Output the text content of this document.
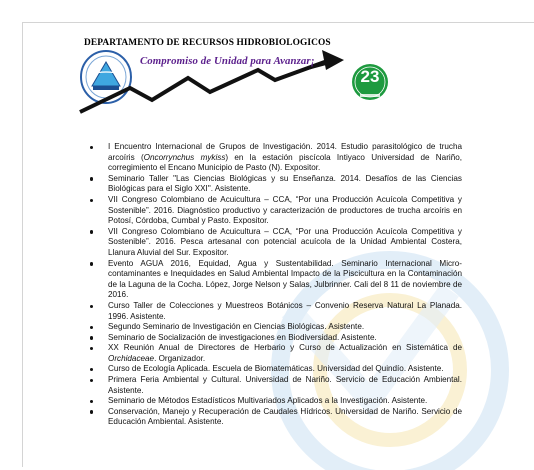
DEPARTAMENTO DE RECURSOS HIDROBIOLOGICOS
Compromiso de Unidad para Avanzar¡
23
I Encuentro Internacional de Grupos de Investigación. 2014. Estudio parasitológico de trucha arcoíris (Oncorrynchus mykiss) en la estación piscícola Intiyaco Universidad de Nariño, corregimiento el Encano Municipio de Pasto (N). Expositor.
Seminario Taller "Las Ciencias Biológicas y su Enseñanza. 2014. Desafíos de las Ciencias Biológicas para el Siglo XXI". Asistente.
VII Congreso Colombiano de Acuicultura – CCA, “Por una Producción Acuícola Competitiva y Sostenible”. 2016. Diagnóstico productivo y caracterización de productores de trucha arcoíris en Potosí, Córdoba, Cumbal y Pasto. Expositor.
VII Congreso Colombiano de Acuicultura – CCA, “Por una Producción Acuícola Competitiva y Sostenible”. 2016. Pesca artesanal con potencial acuícola de la Unidad Ambiental Costera, Llanura Aluvial del Sur. Expositor.
Evento AGUA 2016, Equidad, Agua y Sustentabilidad. Seminario Internacional Micro-contaminantes e Inequidades en Salud Ambiental Impacto de la Piscicultura en la Contaminación de la Laguna de la Cocha. López, Jorge Nelson y Salas, Julbrinner. Cali del 8 11 de noviembre de 2016.
Curso Taller de Colecciones y Muestreos Botánicos – Convenio Reserva Natural La Planada. 1996. Asistente.
Segundo Seminario de Investigación en Ciencias Biológicas. Asistente.
Seminario de Socialización de investigaciones en Biodiversidad. Asistente.
XX Reunión Anual de Directores de Herbario y Curso de Actualización en Sistemática de Orchidaceae. Organizador.
Curso de Ecología Aplicada. Escuela de Biomatemáticas. Universidad del Quindío. Asistente.
Primera Feria Ambiental y Cultural. Universidad de Nariño. Servicio de Educación Ambiental. Asistente.
Seminario de Métodos Estadísticos Multivariados Aplicados a la Investigación. Asistente.
Conservación, Manejo y Recuperación de Caudales Hídricos. Universidad de Nariño. Servicio de Educación Ambiental. Asistente.
